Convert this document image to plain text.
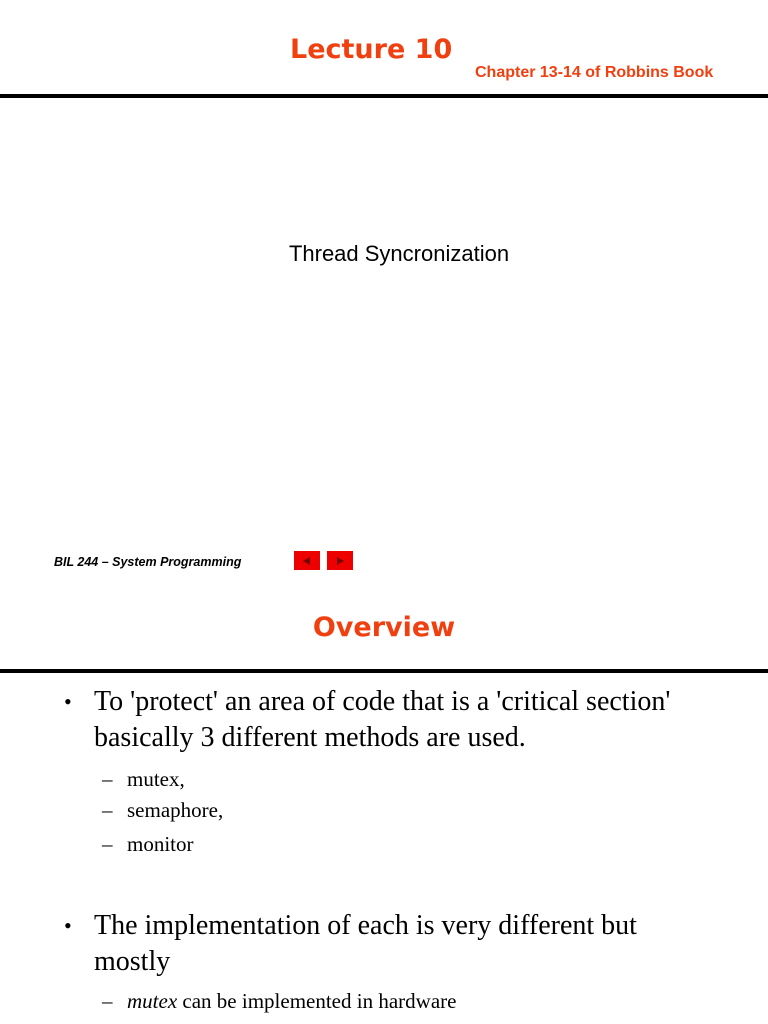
Lecture 10
Chapter 13-14 of Robbins Book
Thread Syncronization
BIL 244 – System Programming
Overview
• To 'protect' an area of code that is a 'critical section'
basically 3 different methods are used.
– mutex,
– semaphore,
– monitor
• The implementation of each is very different but
mostly
– mutex can be implemented in hardware
